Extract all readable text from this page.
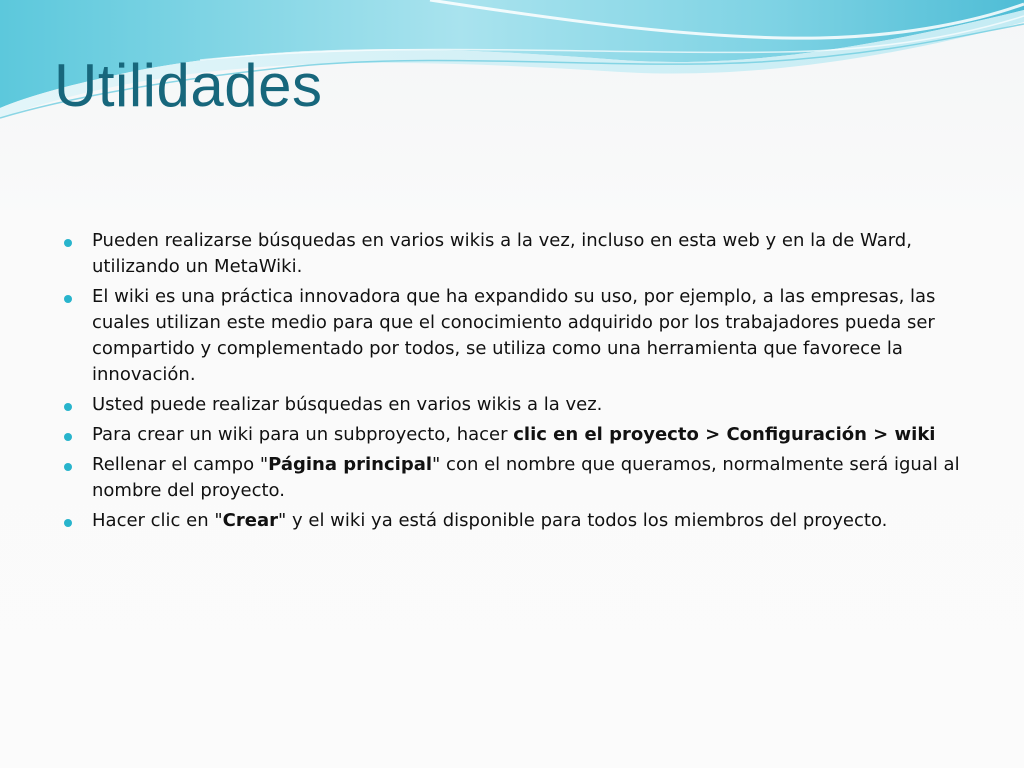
Utilidades
Pueden realizarse búsquedas en varios wikis a la vez, incluso en esta web y en la de Ward, utilizando un MetaWiki.
El wiki es una práctica innovadora que ha expandido su uso, por ejemplo, a las empresas, las cuales utilizan este medio para que el conocimiento adquirido por los trabajadores pueda ser compartido y complementado por todos, se utiliza como una herramienta que favorece la innovación.
Usted puede realizar búsquedas en varios wikis a la vez.
Para crear un wiki para un subproyecto, hacer clic en el proyecto > Configuración > wiki
Rellenar el campo "Página principal" con el nombre que queramos, normalmente será igual al nombre del proyecto.
Hacer clic en "Crear" y el wiki ya está disponible para todos los miembros del proyecto.
